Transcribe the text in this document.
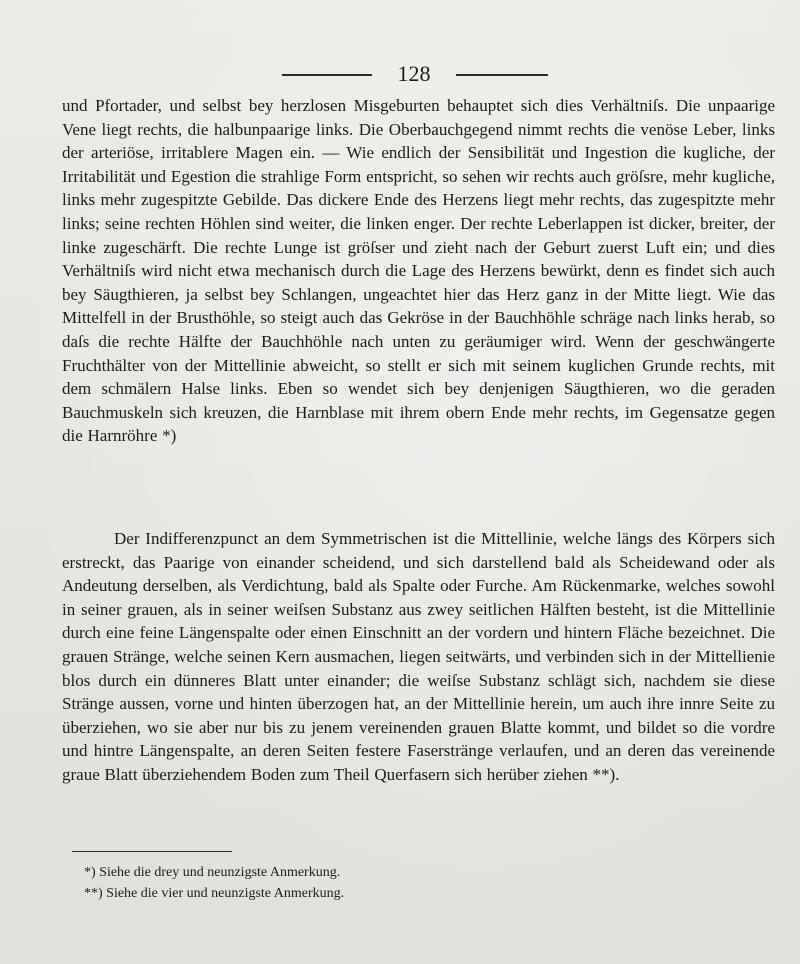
128

und Pfortader, und selbst bey herzlosen Misgeburten behauptet sich dies Verhältniſs. Die unpaarige Vene liegt rechts, die halbunpaarige links. Die Oberbauchgegend nimmt rechts die venöse Leber, links der arteriöse, irritablere Magen ein. — Wie endlich der Sensibilität und Ingestion die kugliche, der Irritabilität und Egestion die strahlige Form entspricht, so sehen wir rechts auch gröſsre, mehr kugliche, links mehr zugespitzte Gebilde. Das dickere Ende des Herzens liegt mehr rechts, das zugespitzte mehr links; seine rechten Höhlen sind weiter, die linken enger. Der rechte Leberlappen ist dicker, breiter, der linke zugeschärft. Die rechte Lunge ist gröſser und zieht nach der Geburt zuerst Luft ein; und dies Verhältniſs wird nicht etwa mechanisch durch die Lage des Herzens bewürkt, denn es findet sich auch bey Säugthieren, ja selbst bey Schlangen, ungeachtet hier das Herz ganz in der Mitte liegt. Wie das Mittelfell in der Brusthöhle, so steigt auch das Gekröse in der Bauchhöhle schräge nach links herab, so daſs die rechte Hälfte der Bauchhöhle nach unten zu geräumiger wird. Wenn der geschwängerte Fruchthälter von der Mittellinie abweicht, so stellt er sich mit seinem kuglichen Grunde rechts, mit dem schmälern Halse links. Eben so wendet sich bey denjenigen Säugthieren, wo die geraden Bauchmuskeln sich kreuzen, die Harnblase mit ihrem obern Ende mehr rechts, im Gegensatze gegen die Harnröhre *)

Der Indifferenzpunct an dem Symmetrischen ist die Mittellinie, welche längs des Körpers sich erstreckt, das Paarige von einander scheidend, und sich darstellend bald als Scheidewand oder als Andeutung derselben, als Verdichtung, bald als Spalte oder Furche. Am Rückenmarke, welches sowohl in seiner grauen, als in seiner weiſsen Substanz aus zwey seitlichen Hälften besteht, ist die Mittellinie durch eine feine Längenspalte oder einen Einschnitt an der vordern und hintern Fläche bezeichnet. Die grauen Stränge, welche seinen Kern ausmachen, liegen seitwärts, und verbinden sich in der Mittellienie blos durch ein dünneres Blatt unter einander; die weiſse Substanz schlägt sich, nachdem sie diese Stränge aussen, vorne und hinten überzogen hat, an der Mittellinie herein, um auch ihre innre Seite zu überziehen, wo sie aber nur bis zu jenem vereinenden grauen Blatte kommt, und bildet so die vordre und hintre Längenspalte, an deren Seiten festere Faserstränge verlaufen, und an deren das vereinende graue Blatt überziehendem Boden zum Theil Querfasern sich herüber ziehen **).

*) Siehe die drey und neunzigste Anmerkung.
**) Siehe die vier und neunzigste Anmerkung.
